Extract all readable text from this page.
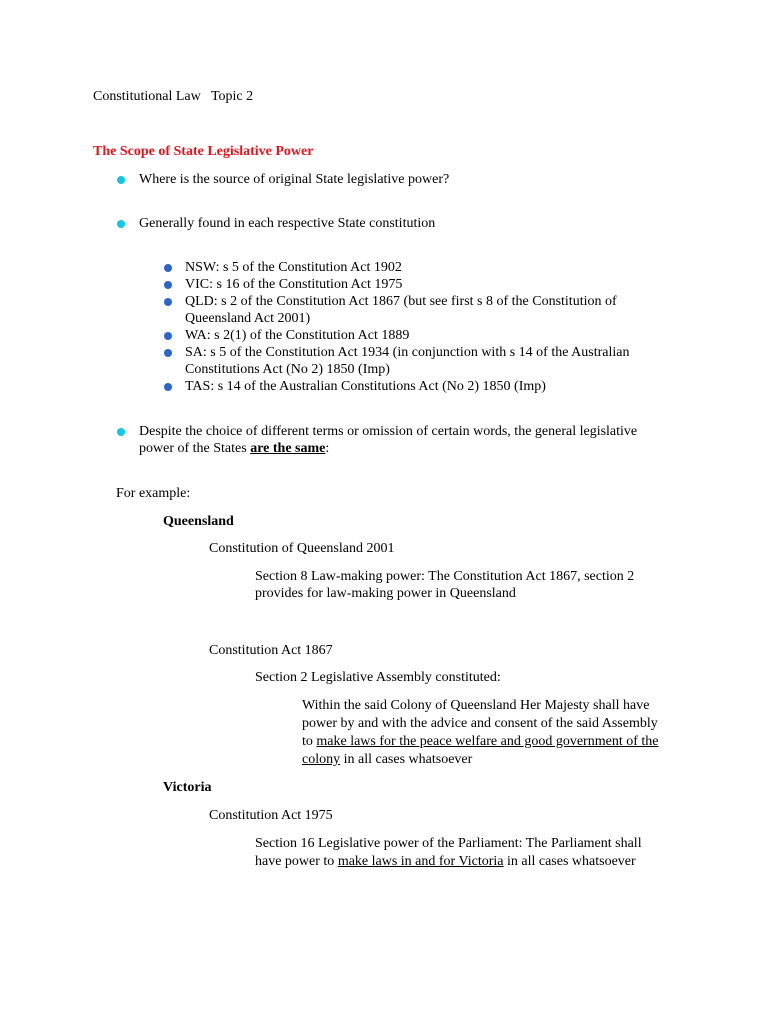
Constitutional Law   Topic 2

The Scope of State Legislative Power

Where is the source of original State legislative power?

Generally found in each respective State constitution

NSW: s 5 of the Constitution Act 1902

VIC: s 16 of the Constitution Act 1975

QLD: s 2 of the Constitution Act 1867 (but see first s 8 of the Constitution of Queensland Act 2001)

WA: s 2(1) of the Constitution Act 1889

SA: s 5 of the Constitution Act 1934 (in conjunction with s 14 of the Australian Constitutions Act (No 2) 1850 (Imp)

TAS: s 14 of the Australian Constitutions Act (No 2) 1850 (Imp)

Despite the choice of different terms or omission of certain words, the general legislative power of the States are the same:

For example:

Queensland

Constitution of Queensland 2001

Section 8 Law-making power: The Constitution Act 1867, section 2 provides for law-making power in Queensland

Constitution Act 1867

Section 2 Legislative Assembly constituted:

Within the said Colony of Queensland Her Majesty shall have power by and with the advice and consent of the said Assembly to make laws for the peace welfare and good government of the colony in all cases whatsoever

Victoria

Constitution Act 1975

Section 16 Legislative power of the Parliament: The Parliament shall have power to make laws in and for Victoria in all cases whatsoever
